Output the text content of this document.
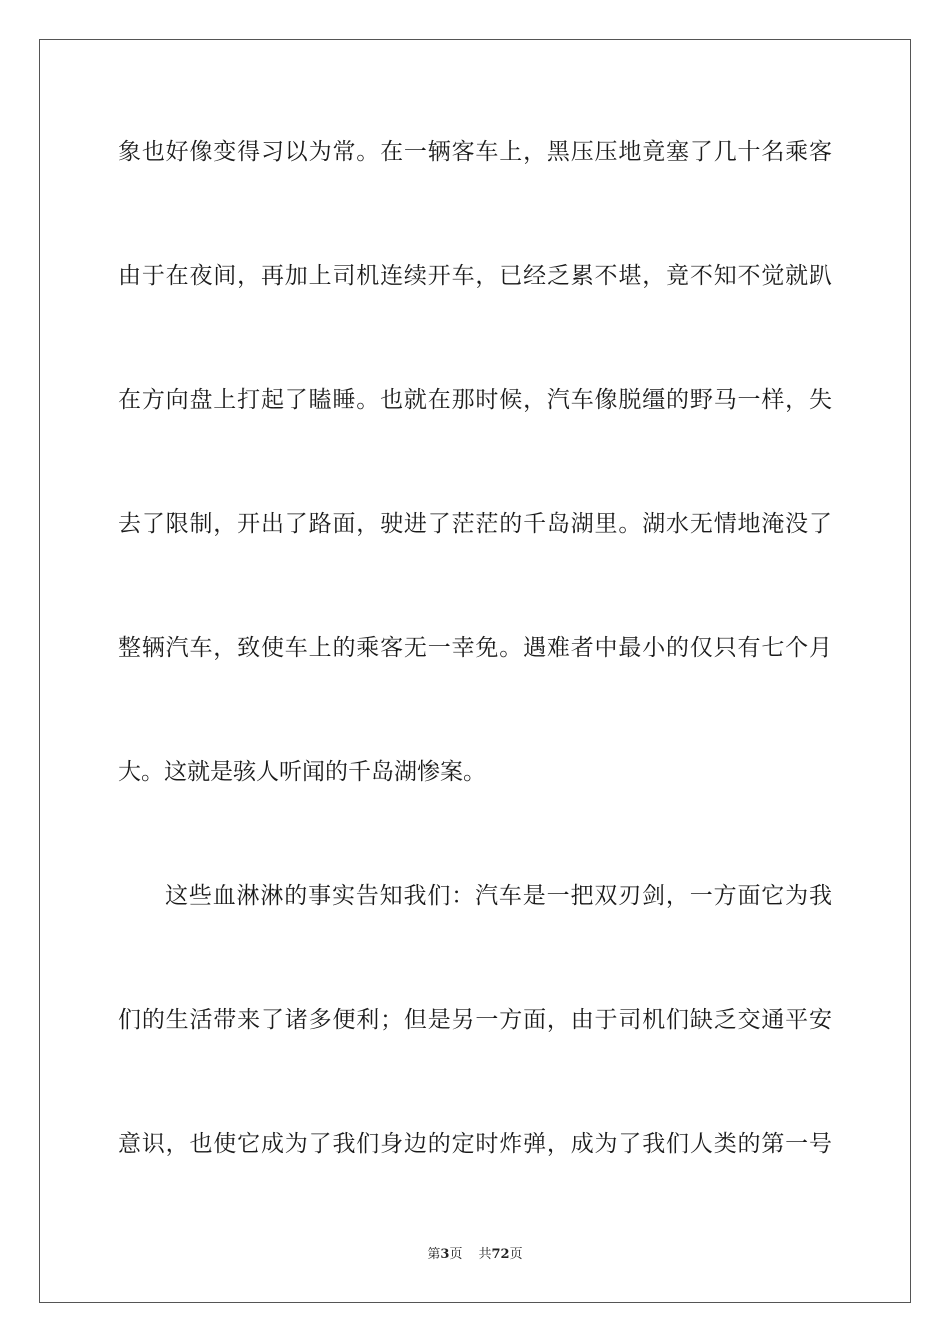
象也好像变得习以为常。在一辆客车上，黑压压地竟塞了几十名乘客
由于在夜间，再加上司机连续开车，已经乏累不堪，竟不知不觉就趴
在方向盘上打起了瞌睡。也就在那时候，汽车像脱缰的野马一样，失
去了限制，开出了路面，驶进了茫茫的千岛湖里。湖水无情地淹没了
整辆汽车，致使车上的乘客无一幸免。遇难者中最小的仅只有七个月
大。这就是骇人听闻的千岛湖惨案。
这些血淋淋的事实告知我们：汽车是一把双刃剑，一方面它为我
们的生活带来了诸多便利；但是另一方面，由于司机们缺乏交通平安
意识，也使它成为了我们身边的定时炸弹，成为了我们人类的第一号
第3页 共72页
